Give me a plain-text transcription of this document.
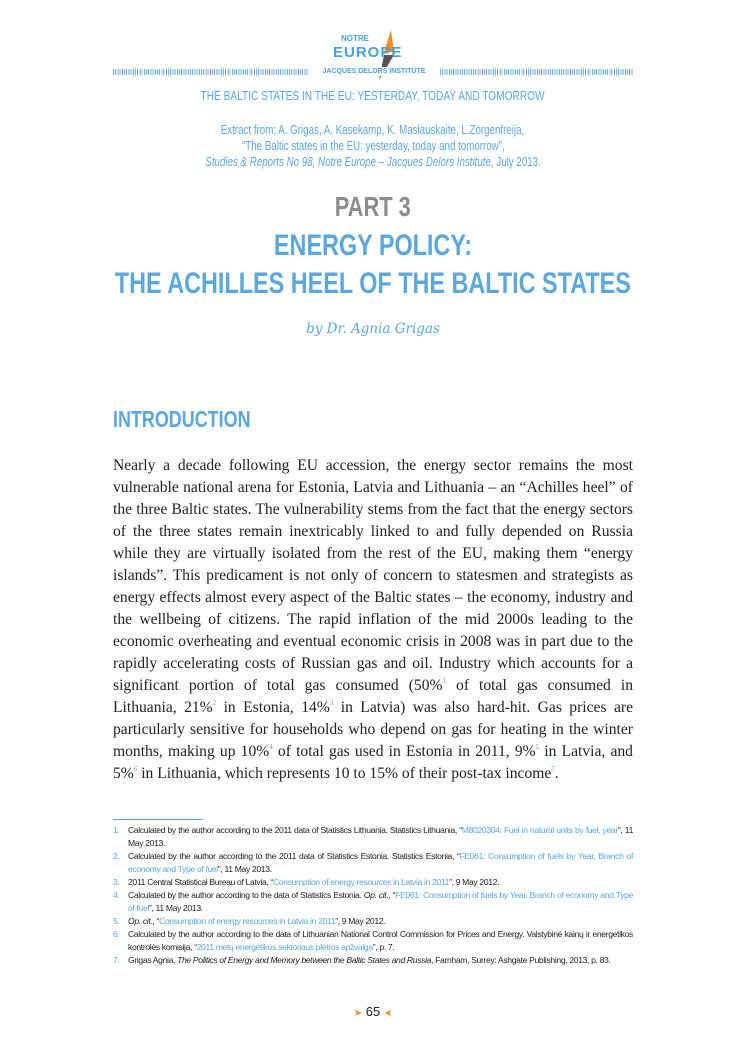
NOTRE
EUROPE
JACQUES DELORS INSTITUTE
THE BALTIC STATES IN THE EU: YESTERDAY, TODAY AND TOMORROW
Extract from: A. Grigas, A. Kasekamp, K. Maslauskaite, L.Zorgenfreija,
“The Baltic states in the EU: yesterday, today and tomorrow”,
Studies & Reports No 98, Notre Europe – Jacques Delors Institute, July 2013.
PART 3
ENERGY POLICY:
THE ACHILLES HEEL OF THE BALTIC STATES
by Dr. Agnia Grigas
INTRODUCTION
Nearly a decade following EU accession, the energy sector remains the most vulnerable national arena for Estonia, Latvia and Lithuania – an “Achilles heel” of the three Baltic states. The vulnerability stems from the fact that the energy sectors of the three states remain inextricably linked to and fully depended on Russia while they are virtually isolated from the rest of the EU, making them “energy islands”. This predicament is not only of concern to statesmen and strategists as energy effects almost every aspect of the Baltic states – the economy, industry and the wellbeing of citizens. The rapid inflation of the mid 2000s leading to the economic overheating and eventual economic crisis in 2008 was in part due to the rapidly accelerating costs of Russian gas and oil. Industry which accounts for a significant portion of total gas consumed (50%$^1$ of total gas consumed in Lithuania, 21%$^2$ in Estonia, 14%$^3$ in Latvia) was also hard-hit. Gas prices are particularly sensitive for households who depend on gas for heating in the winter months, making up 10%$^4$ of total gas used in Estonia in 2011, 9%$^5$ in Latvia, and 5%$^6$ in Lithuania, which represents 10 to 15% of their post-tax income$^7$.
1. Calculated by the author according to the 2011 data of Statistics Lithuania. Statistics Lithuania, “M8020304: Fuel in natural units by fuel, year”, 11 May 2013.
2. Calculated by the author according to the 2011 data of Statistics Estonia. Statistics Estonia, “FE061: Consumption of fuels by Year, Branch of economy and Type of fuel”, 11 May 2013.
3. 2011 Central Statistical Bureau of Latvia, “Consumption of energy resources in Latvia in 2011”, 9 May 2012.
4. Calculated by the author according to the data of Statistics Estonia. Op. cit., “FE061: Consumption of fuels by Year, Branch of economy and Type of fuel”, 11 May 2013.
5. Op. cit., “Consumption of energy resources in Latvia in 2011”, 9 May 2012.
6. Calculated by the author according to the data of Lithuanian National Control Commission for Prices and Energy. Valstybinė kainų ir energetikos kontrolės komisija, “2011 metų energetikos sektoriaus plėtros apžvalga”, p. 7.
7. Grigas Agnia, The Politics of Energy and Memory between the Baltic States and Russia, Farnham, Surrey: Ashgate Publishing, 2013, p. 83.
➤ 65 ➤
